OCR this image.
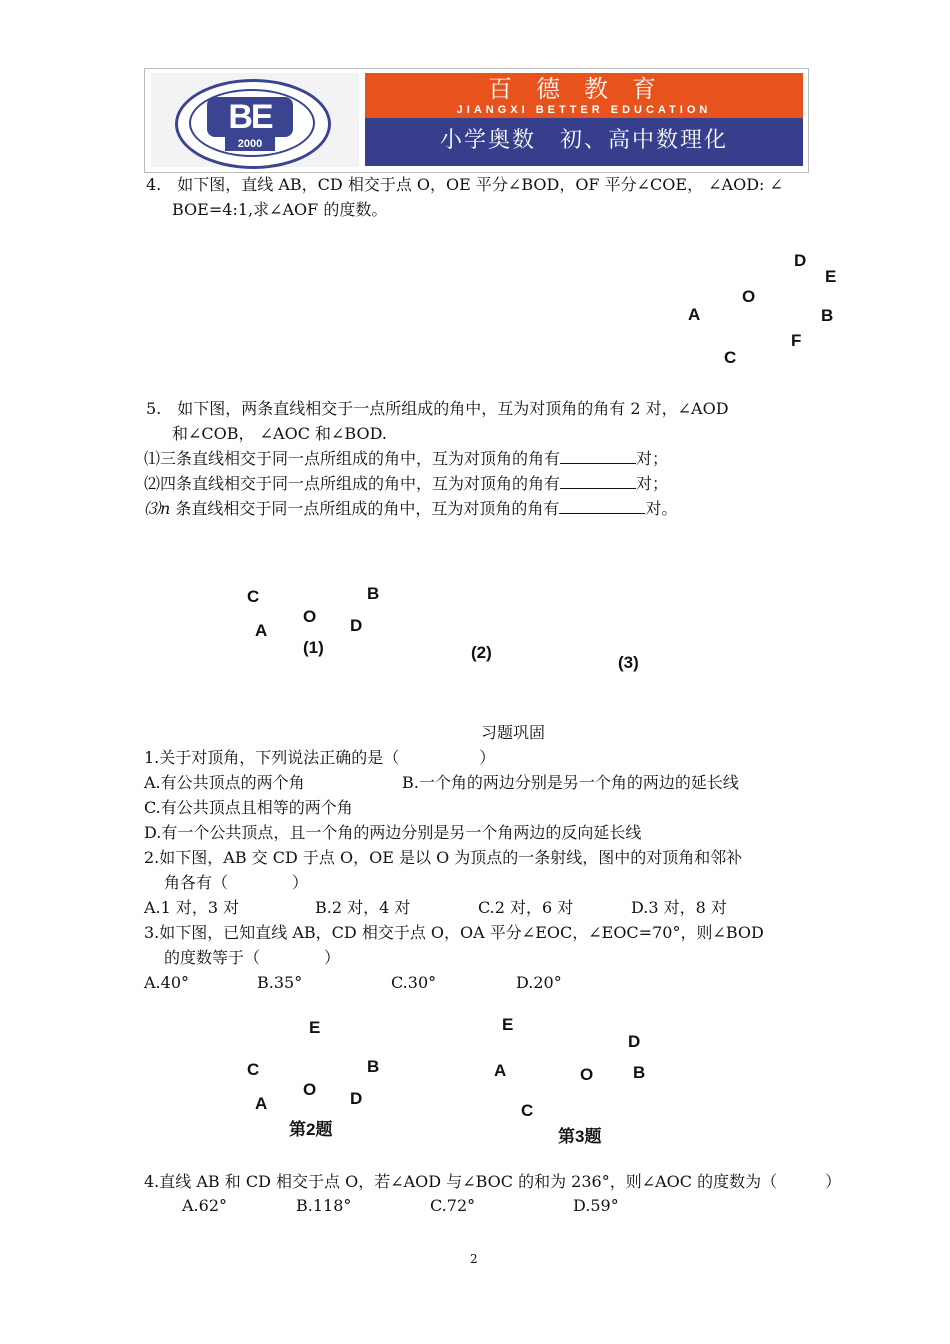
BE
2000
百德教育
JIANGXI BETTER EDUCATION
小学奥数　初、高中数理化
4.　如下图，直线 AB，CD 相交于点 O，OE 平分∠BOD，OF 平分∠COE， ∠AOD: ∠
BOE=4:1,求∠AOF 的度数。
D
E
O
A	B
F
C
5.　如下图，两条直线相交于一点所组成的角中，互为对顶角的角有 2 对，∠AOD
和∠COB， ∠AOC 和∠BOD.
⑴三条直线相交于同一点所组成的角中，互为对顶角的角有	对；
⑵四条直线相交于同一点所组成的角中，互为对顶角的角有	对；
⑶n 条直线相交于同一点所组成的角中，互为对顶角的角有	对。
C	B
O
A	D
(1)	(2)
(3)
习题巩固
1.关于对顶角，下列说法正确的是（　　　　　）
A.有公共顶点的两个角	B.一个角的两边分别是另一个角的两边的延长线
C.有公共顶点且相等的两个角
D.有一个公共顶点，且一个角的两边分别是另一个角两边的反向延长线
2.如下图，AB 交 CD 于点 O，OE 是以 O 为顶点的一条射线，图中的对顶角和邻补
角各有（　　　　）
A.1 对，3 对	B.2 对，4 对	C.2 对，6 对	D.3 对，8 对
3.如下图，已知直线 AB，CD 相交于点 O，OA 平分∠EOC，∠EOC=70°，则∠BOD
的度数等于（　　　　）
A.40°	B.35°	C.30°	D.20°
E
C	B
O
A	D
第2题
E
D
A	O B
C
第3题
4.直线 AB 和 CD 相交于点 O，若∠AOD 与∠BOC 的和为 236°，则∠AOC 的度数为（　　　）
A.62°	B.118°	C.72°	D.59°
2
